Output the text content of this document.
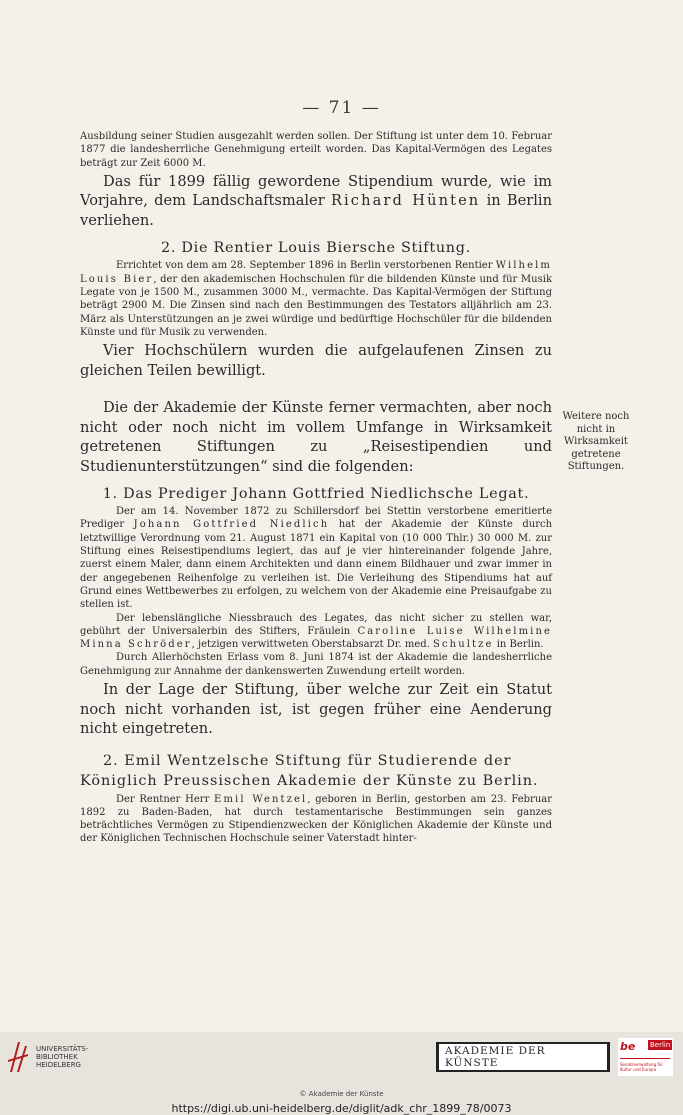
— 71 —

Ausbildung seiner Studien ausgezahlt werden sollen. Der Stiftung ist unter dem 10. Februar 1877 die landesherrliche Genehmigung erteilt worden. Das Kapital-Vermögen des Legates beträgt zur Zeit 6000 M.

Das für 1899 fällig gewordene Stipendium wurde, wie im Vorjahre, dem Landschaftsmaler Richard Hünten in Berlin verliehen.

2. Die Rentier Louis Biersche Stiftung.

Errichtet von dem am 28. September 1896 in Berlin verstorbenen Rentier Wilhelm Louis Bier, der den akademischen Hochschulen für die bildenden Künste und für Musik Legate von je 1500 M., zusammen 3000 M., vermachte. Das Kapital-Vermögen der Stiftung beträgt 2900 M. Die Zinsen sind nach den Bestimmungen des Testators alljährlich am 23. März als Unterstützungen an je zwei würdige und bedürftige Hochschüler für die bildenden Künste und für Musik zu verwenden.

Vier Hochschülern wurden die aufgelaufenen Zinsen zu gleichen Teilen bewilligt.

Die der Akademie der Künste ferner vermachten, aber noch nicht oder noch nicht im vollem Umfange in Wirksamkeit getretenen Stiftungen zu „Reisestipendien und Studienunterstützungen“ sind die folgenden:

1. Das Prediger Johann Gottfried Niedlichsche Legat.

Der am 14. November 1872 zu Schillersdorf bei Stettin verstorbene emeritierte Prediger Johann Gottfried Niedlich hat der Akademie der Künste durch letztwillige Verordnung vom 21. August 1871 ein Kapital von (10 000 Thlr.) 30 000 M. zur Stiftung eines Reisestipendiums legiert, das auf je vier hintereinander folgende Jahre, zuerst einem Maler, dann einem Architekten und dann einem Bildhauer und zwar immer in der angegebenen Reihenfolge zu verleihen ist. Die Verleihung des Stipendiums hat auf Grund eines Wettbewerbes zu erfolgen, zu welchem von der Akademie eine Preisaufgabe zu stellen ist.

Der lebenslängliche Niessbrauch des Legates, das nicht sicher zu stellen war, gebührt der Universalerbin des Stifters, Fräulein Caroline Luise Wilhelmine Minna Schröder, jetzigen verwittweten Oberstabsarzt Dr. med. Schultze in Berlin.

Durch Allerhöchsten Erlass vom 8. Juni 1874 ist der Akademie die landesherrliche Genehmigung zur Annahme der dankenswerten Zuwendung erteilt worden.

In der Lage der Stiftung, über welche zur Zeit ein Statut noch nicht vorhanden ist, ist gegen früher eine Aenderung nicht eingetreten.

2. Emil Wentzelsche Stiftung für Studierende der
Königlich Preussischen Akademie der Künste zu Berlin.

Der Rentner Herr Emil Wentzel, geboren in Berlin, gestorben am 23. Februar 1892 zu Baden-Baden, hat durch testamentarische Bestimmungen sein ganzes beträchtliches Vermögen zu Stipendienzwecken der Königlichen Akademie der Künste und der Königlichen Technischen Hochschule seiner Vaterstadt hinter-

Weitere noch nicht in Wirksamkeit getretene Stiftungen.
UNIVERSITÄTS-
BIBLIOTHEK
HEIDELBERG
AKADEMIE DER KÜNSTE
be Berlin
Senatsverwaltung für Kultur und Europa
© Akademie der Künste
https://digi.ub.uni-heidelberg.de/diglit/adk_chr_1899_78/0073
